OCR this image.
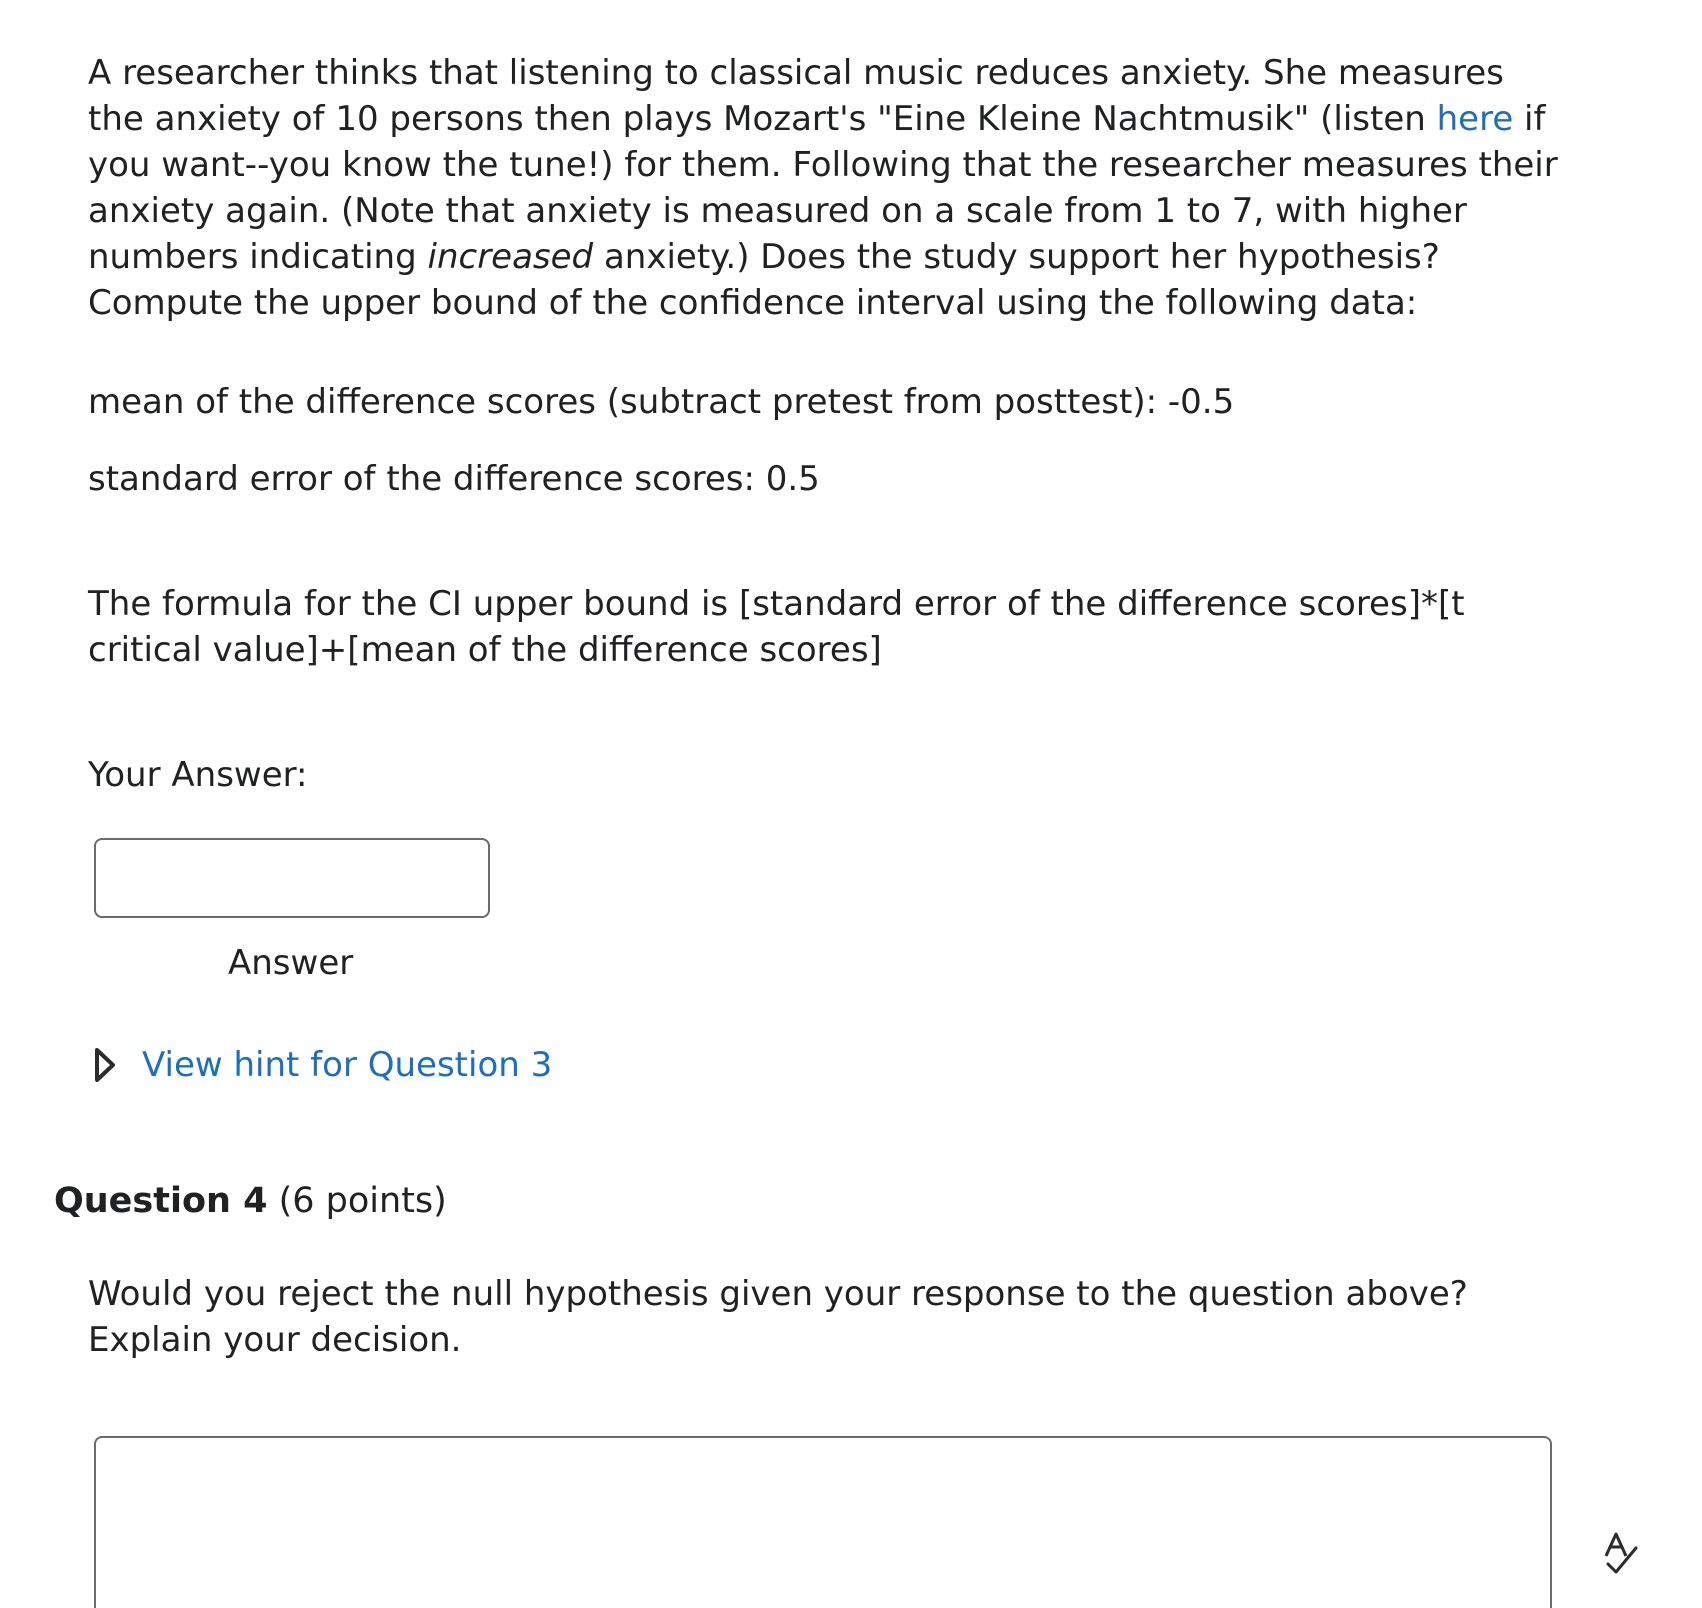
A researcher thinks that listening to classical music reduces anxiety. She measures the anxiety of 10 persons then plays Mozart's "Eine Kleine Nachtmusik" (listen here if you want--you know the tune!) for them. Following that the researcher measures their anxiety again. (Note that anxiety is measured on a scale from 1 to 7, with higher numbers indicating increased anxiety.) Does the study support her hypothesis? Compute the upper bound of the confidence interval using the following data:

mean of the difference scores (subtract pretest from posttest): -0.5
standard error of the difference scores: 0.5
The formula for the CI upper bound is [standard error of the difference scores]*[t critical value]+[mean of the difference scores]
Your Answer:
Answer
View hint for Question 3
Question 4 (6 points)
Would you reject the null hypothesis given your response to the question above? Explain your decision.
